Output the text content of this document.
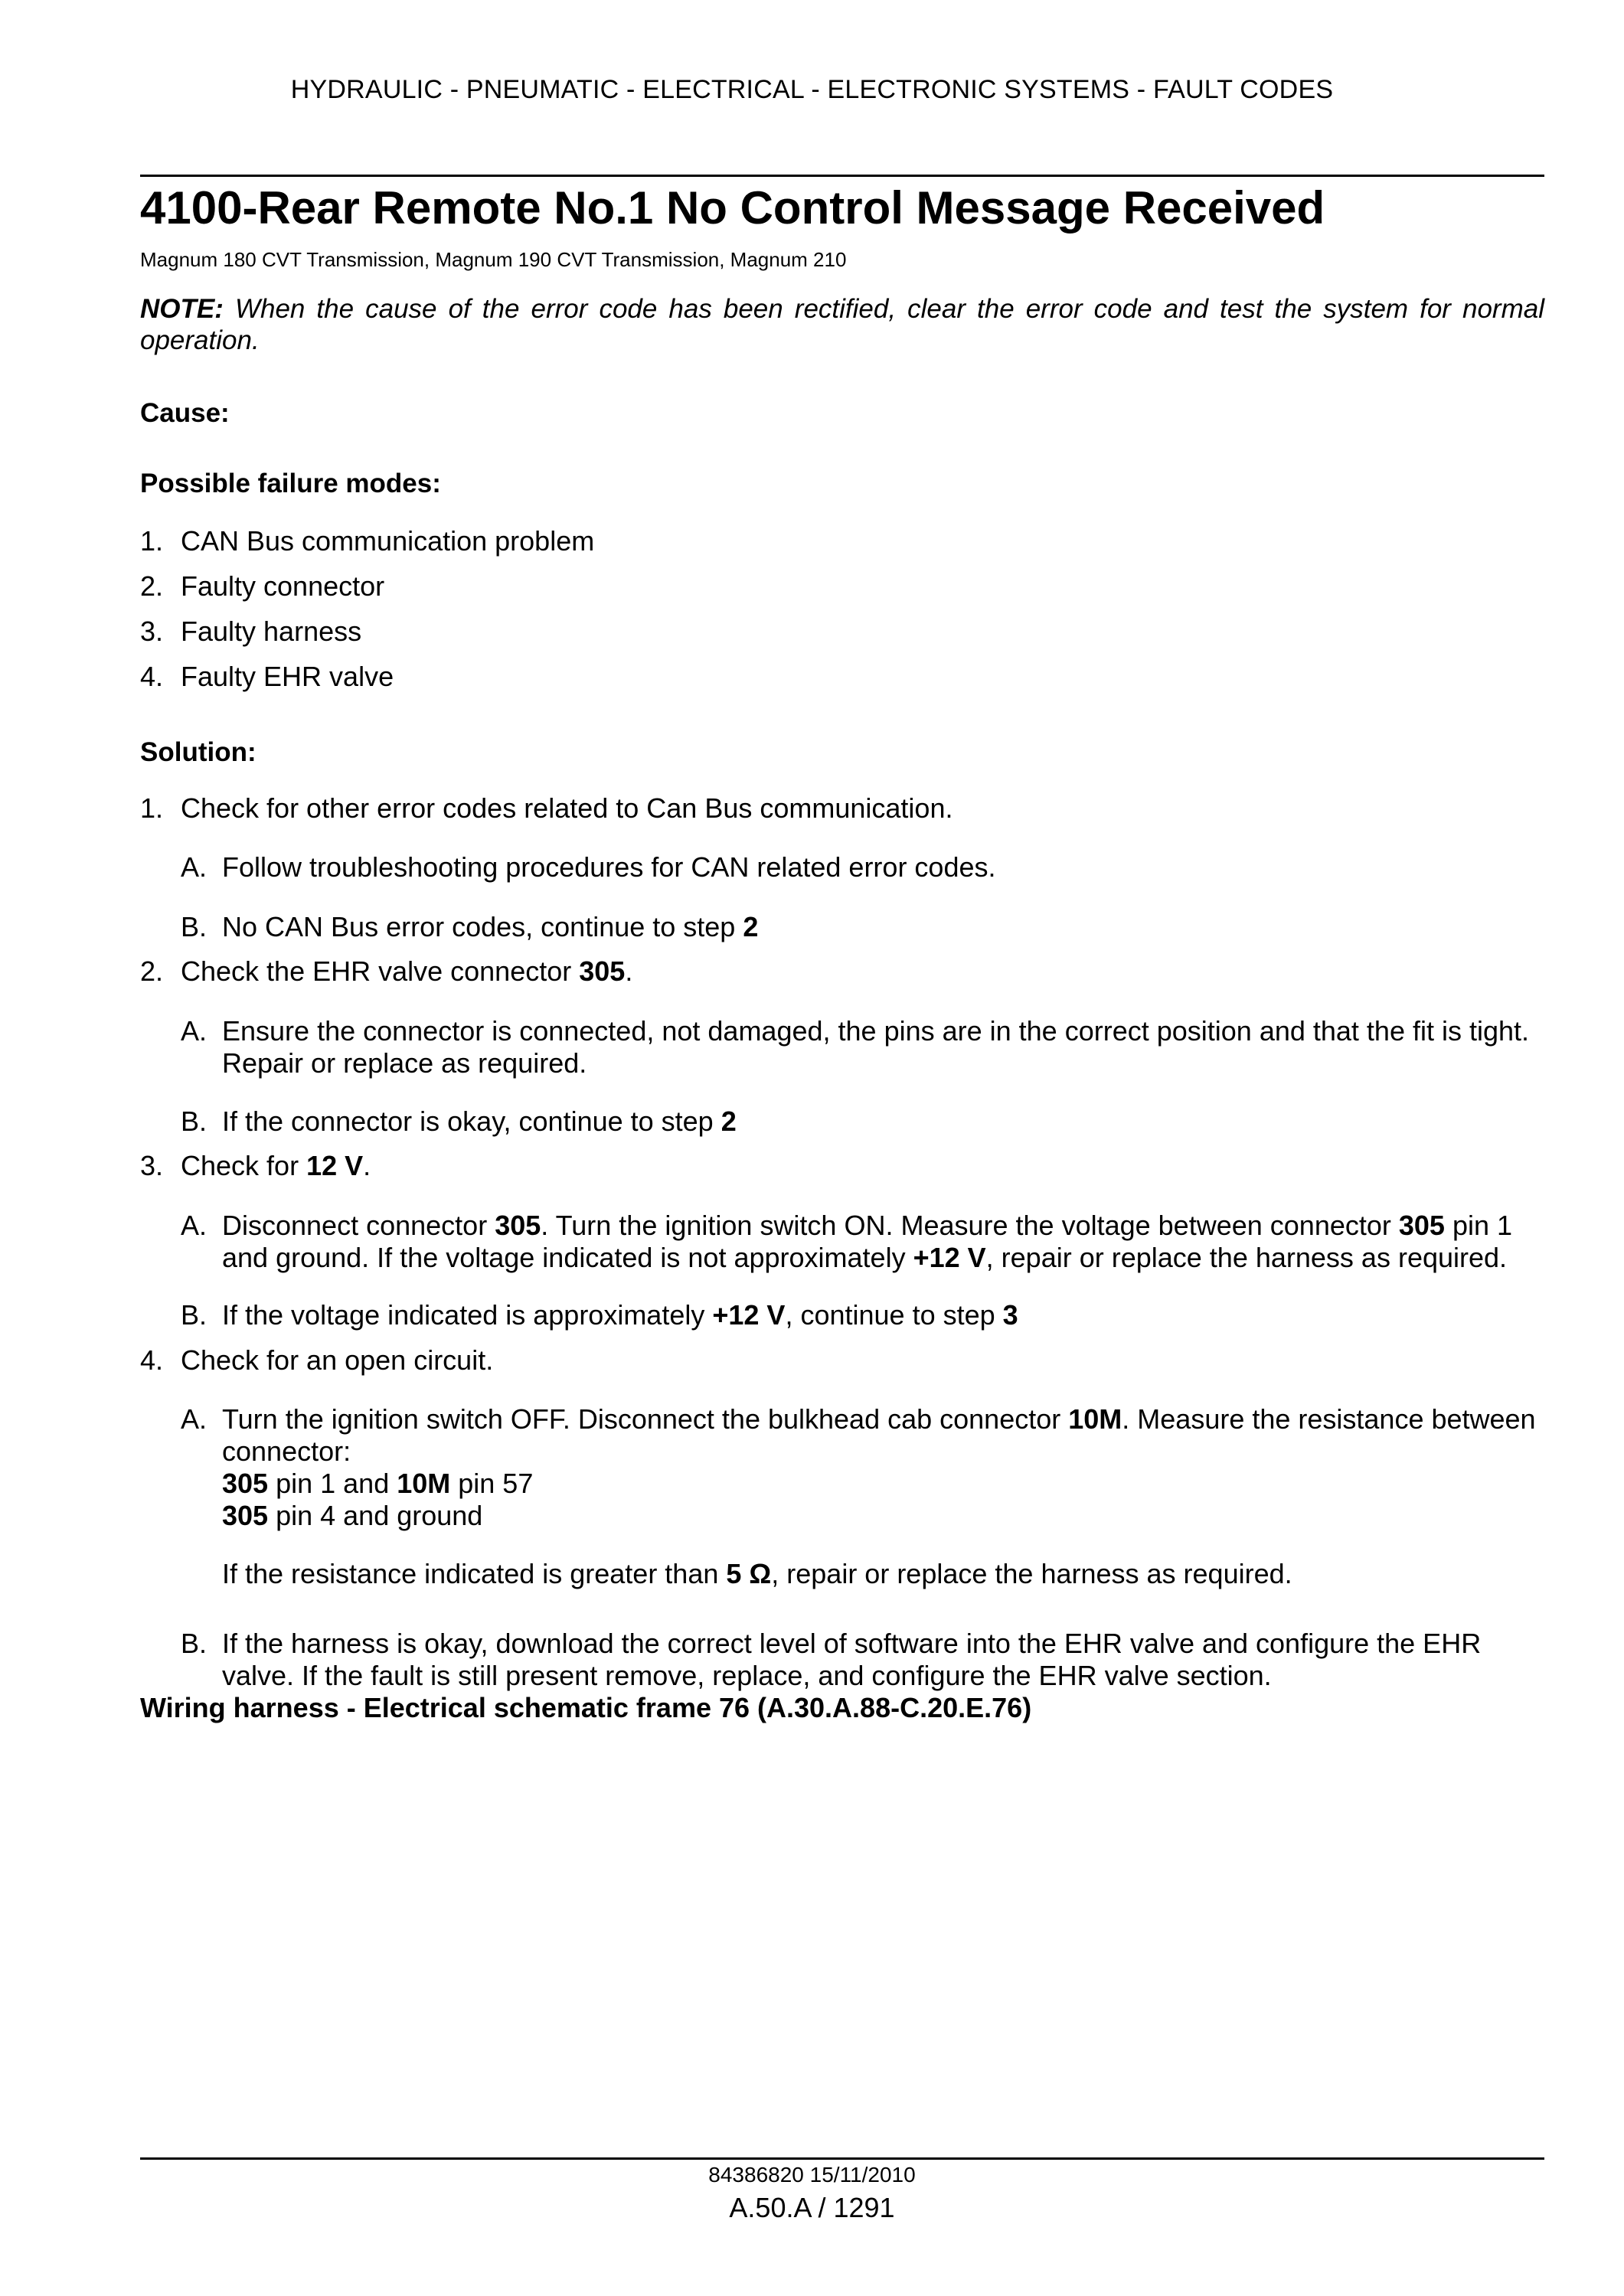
HYDRAULIC - PNEUMATIC - ELECTRICAL - ELECTRONIC SYSTEMS - FAULT CODES
4100-Rear Remote No.1 No Control Message Received
Magnum 180 CVT Transmission, Magnum 190 CVT Transmission, Magnum 210
NOTE: When the cause of the error code has been rectified, clear the error code and test the system for normal operation.
Cause:
Possible failure modes:
1. CAN Bus communication problem
2. Faulty connector
3. Faulty harness
4. Faulty EHR valve
Solution:
1. Check for other error codes related to Can Bus communication.
A. Follow troubleshooting procedures for CAN related error codes.
B. No CAN Bus error codes, continue to step 2
2. Check the EHR valve connector 305.
A. Ensure the connector is connected, not damaged, the pins are in the correct position and that the fit is tight. Repair or replace as required.
B. If the connector is okay, continue to step 2
3. Check for 12 V.
A. Disconnect connector 305. Turn the ignition switch ON. Measure the voltage between connector 305 pin 1 and ground. If the voltage indicated is not approximately +12 V, repair or replace the harness as required.
B. If the voltage indicated is approximately +12 V, continue to step 3
4. Check for an open circuit.
A. Turn the ignition switch OFF. Disconnect the bulkhead cab connector 10M. Measure the resistance between connector:
305 pin 1 and 10M pin 57
305 pin 4 and ground
If the resistance indicated is greater than 5 Ω, repair or replace the harness as required.
B. If the harness is okay, download the correct level of software into the EHR valve and configure the EHR valve. If the fault is still present remove, replace, and configure the EHR valve section.
Wiring harness - Electrical schematic frame 76 (A.30.A.88-C.20.E.76)
84386820 15/11/2010
A.50.A / 1291
